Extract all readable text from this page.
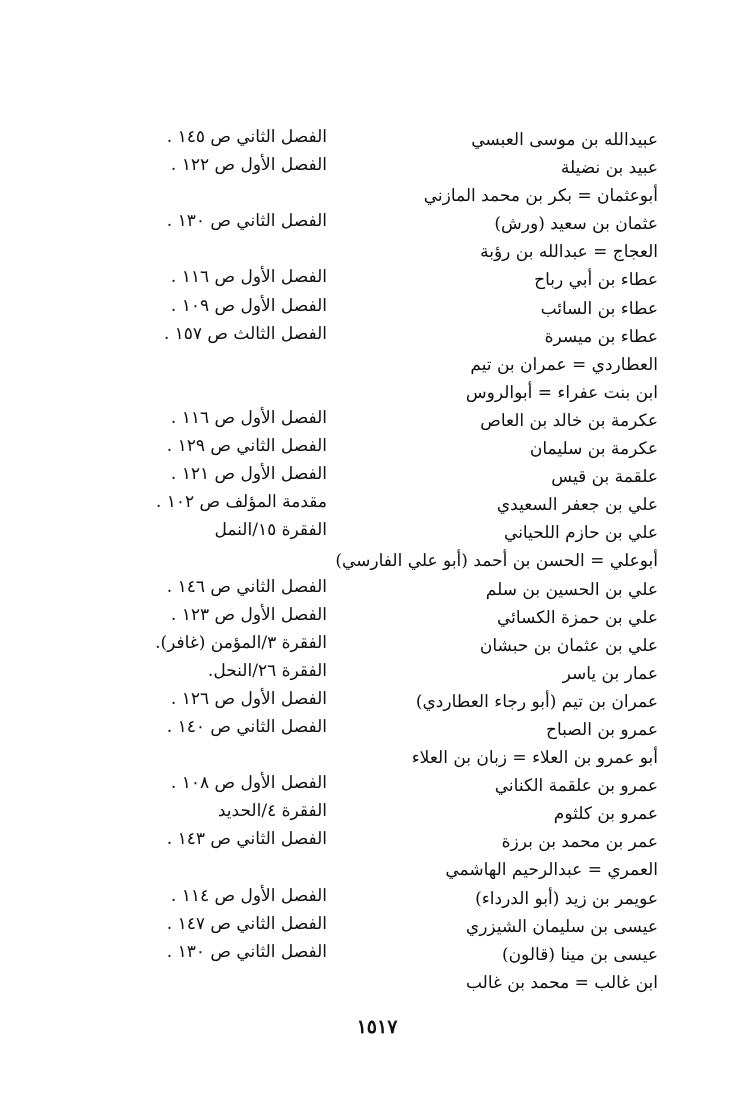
عبيدالله بن موسى العبسي
الفصل الثاني ص ١٤٥ .
عبيد بن نضيلة
الفصل الأول ص ١٢٢ .
أبوعثمان = بكر بن محمد المازني
عثمان بن سعيد (ورش)
الفصل الثاني ص ١٣٠ .
العجاج = عبدالله بن رؤبة
عطاء بن أبي رباح
الفصل الأول ص ١١٦ .
عطاء بن السائب
الفصل الأول ص ١٠٩ .
عطاء بن ميسرة
الفصل الثالث ص ١٥٧ .
العطاردي = عمران بن تيم
ابن بنت عفراء = أبوالروس
عكرمة بن خالد بن العاص
الفصل الأول ص ١١٦ .
عكرمة بن سليمان
الفصل الثاني ص ١٢٩ .
علقمة بن قيس
الفصل الأول ص ١٢١ .
علي بن جعفر السعيدي
مقدمة المؤلف ص ١٠٢ .
علي بن حازم اللحياني
الفقرة ١٥/النمل
أبوعلي = الحسن بن أحمد (أبو علي الفارسي)
علي بن الحسين بن سلم
الفصل الثاني ص ١٤٦ .
علي بن حمزة الكسائي
الفصل الأول ص ١٢٣ .
علي بن عثمان بن حبشان
الفقرة ٣/المؤمن (غافر).
عمار بن ياسر
الفقرة ٢٦/النحل.
عمران بن تيم (أبو رجاء العطاردي)
الفصل الأول ص ١٢٦ .
عمرو بن الصباح
الفصل الثاني ص ١٤٠ .
أبو عمرو بن العلاء = زبان بن العلاء
عمرو بن علقمة الكناني
الفصل الأول ص ١٠٨ .
عمرو بن كلثوم
الفقرة ٤/الحديد
عمر بن محمد بن برزة
الفصل الثاني ص ١٤٣ .
العمري = عبدالرحيم الهاشمي
عويمر بن زيد (أبو الدرداء)
الفصل الأول ص ١١٤ .
عيسى بن سليمان الشيزري
الفصل الثاني ص ١٤٧ .
عيسى بن مينا (قالون)
الفصل الثاني ص ١٣٠ .
ابن غالب = محمد بن غالب
١٥١٧
